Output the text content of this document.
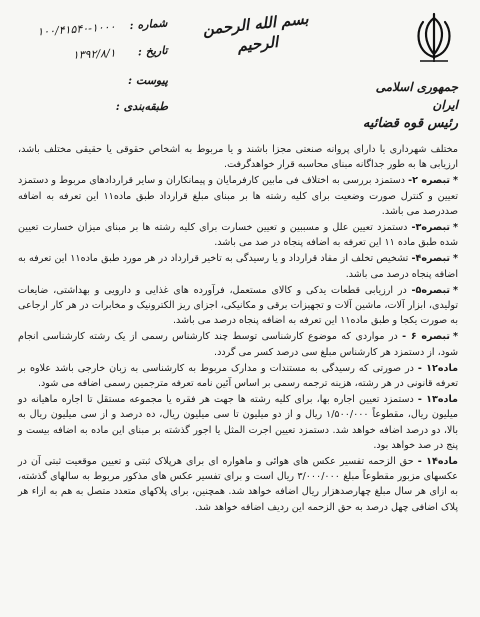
جمهوری اسلامی ایران
رئیس قوه قضائیه
بسم الله الرحمن الرحیم
شماره :
۱۰۰/۴۱۵۴۰-۱۰۰۰
تاریخ :
۱۳۹۲/۸/۱
پیوست :
طبقه‌بندی :

مختلف شهرداری یا دارای پروانه صنعتی مجزا باشند و یا مربوط به اشخاص حقوقی یا حقیقی مختلف باشد، ارزیابی ها به طور جداگانه مبنای محاسبه قرار خواهدگرفت.

*تبصره ۲- دستمزد بررسی به اختلاف فی مابین کارفرمایان و پیمانکاران و سایر قراردادهای مربوط و دستمزد تعیین و کنترل صورت وضعیت برای کلیه رشته ها بر مبنای مبلغ قرارداد طبق ماده۱۱ این تعرفه به اضافه صددرصد می باشد.

*تبصره۳- دستمزد تعیین علل و مسببین و تعیین خسارت برای کلیه رشته ها بر مبنای میزان خسارت تعیین شده طبق ماده ۱۱ این تعرفه به اضافه پنجاه در صد می باشد.

*تبصره۴- تشخیص تخلف از مفاد قرارداد و یا رسیدگی به تاخیر قرارداد در هر مورد طبق ماده۱۱ این تعرفه به اضافه پنجاه درصد می باشد.

*تبصره۵- در ارزیابی قطعات یدکی و کالای مستعمل، فرآورده های غذایی و دارویی و بهداشتی، ضایعات تولیدی، ابزار آلات، ماشین آلات و تجهیزات برقی و مکانیکی، اجزای ریز الکترونیک و مخابرات در هر کار ارجاعی به صورت یکجا و طبق ماده۱۱ این تعرفه به اضافه پنجاه درصد می باشد.

*تبصره ۶ - در مواردی که موضوع کارشناسی توسط چند کارشناس رسمی از یک رشته کارشناسی انجام شود، از دستمزد هر کارشناس مبلغ سی درصد کسر می گردد.

ماده۱۲ - در صورتی که رسیدگی به مستندات و مدارک مربوط به کارشناسی به زبان خارجی باشد علاوه بر تعرفه قانونی در هر رشته، هزینه ترجمه رسمی بر اساس آئین نامه تعرفه مترجمین رسمی اضافه می شود.

ماده۱۳ - دستمزد تعیین اجاره بها، برای کلیه رشته ها جهت هر فقره یا مجموعه مستقل تا اجاره ماهیانه دو میلیون ریال، مقطوعاً ۱/۵۰۰/۰۰۰ ریال و از دو میلیون تا سی میلیون ریال، ده درصد و از سی میلیون ریال به بالا، دو درصد اضافه خواهد شد. دستمزد تعیین اجرت المثل یا اجور گذشته بر مبنای این ماده به اضافه بیست و پنج در صد خواهد بود.

ماده۱۴ - حق الزحمه تفسیر عکس های هوائی و ماهواره ای برای هرپلاک ثبتی و تعیین موقعیت ثبتی آن در عکسهای مزبور مقطوعاً مبلغ ۳/۰۰۰/۰۰۰ ریال است و برای تفسیر عکس های مذکور مربوط به سالهای گذشته، به ازای هر سال مبلغ چهارصدهزار ریال اضافه خواهد شد. همچنین، برای پلاکهای متعدد متصل به هم به ازاء هر پلاک اضافی چهل درصد به حق الزحمه این ردیف اضافه خواهد شد.
